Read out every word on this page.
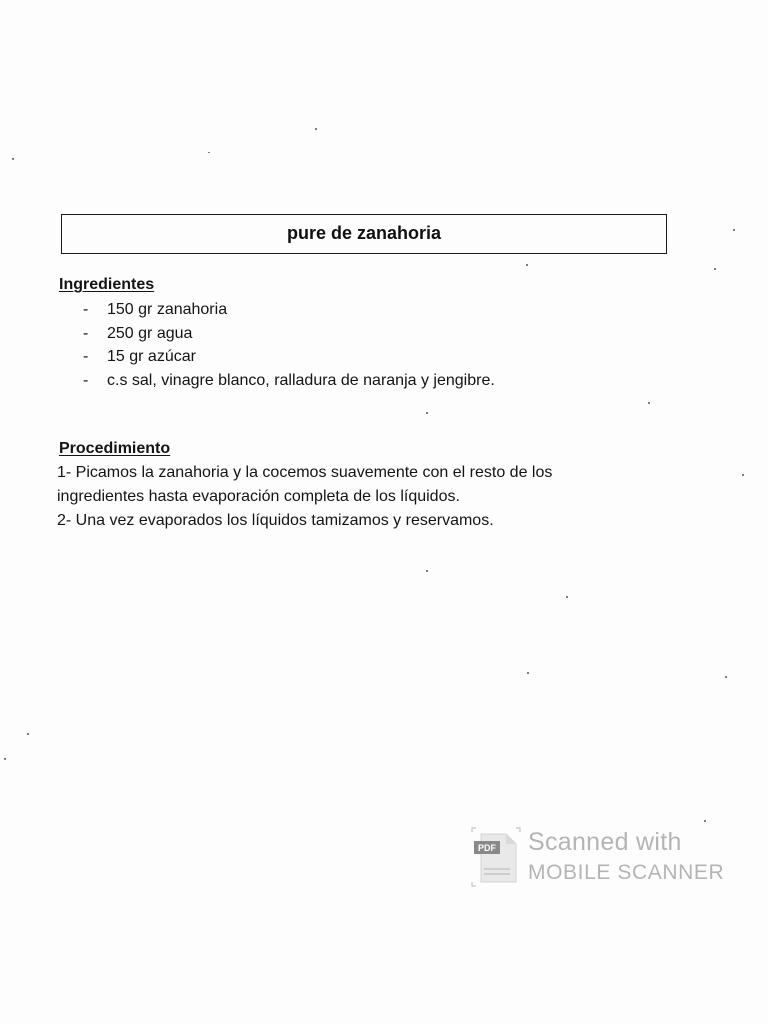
pure de zanahoria
Ingredientes
-	150 gr zanahoria
-	250 gr agua
-	15 gr azúcar
-	c.s sal, vinagre blanco, ralladura de naranja y jengibre.
Procedimiento

1- Picamos la zanahoria y la cocemos suavemente con el resto de los

ingredientes hasta evaporación completa de los líquidos.

2- Una vez evaporados los líquidos tamizamos y reservamos.

PDF Scanned with
MOBILE SCANNER
